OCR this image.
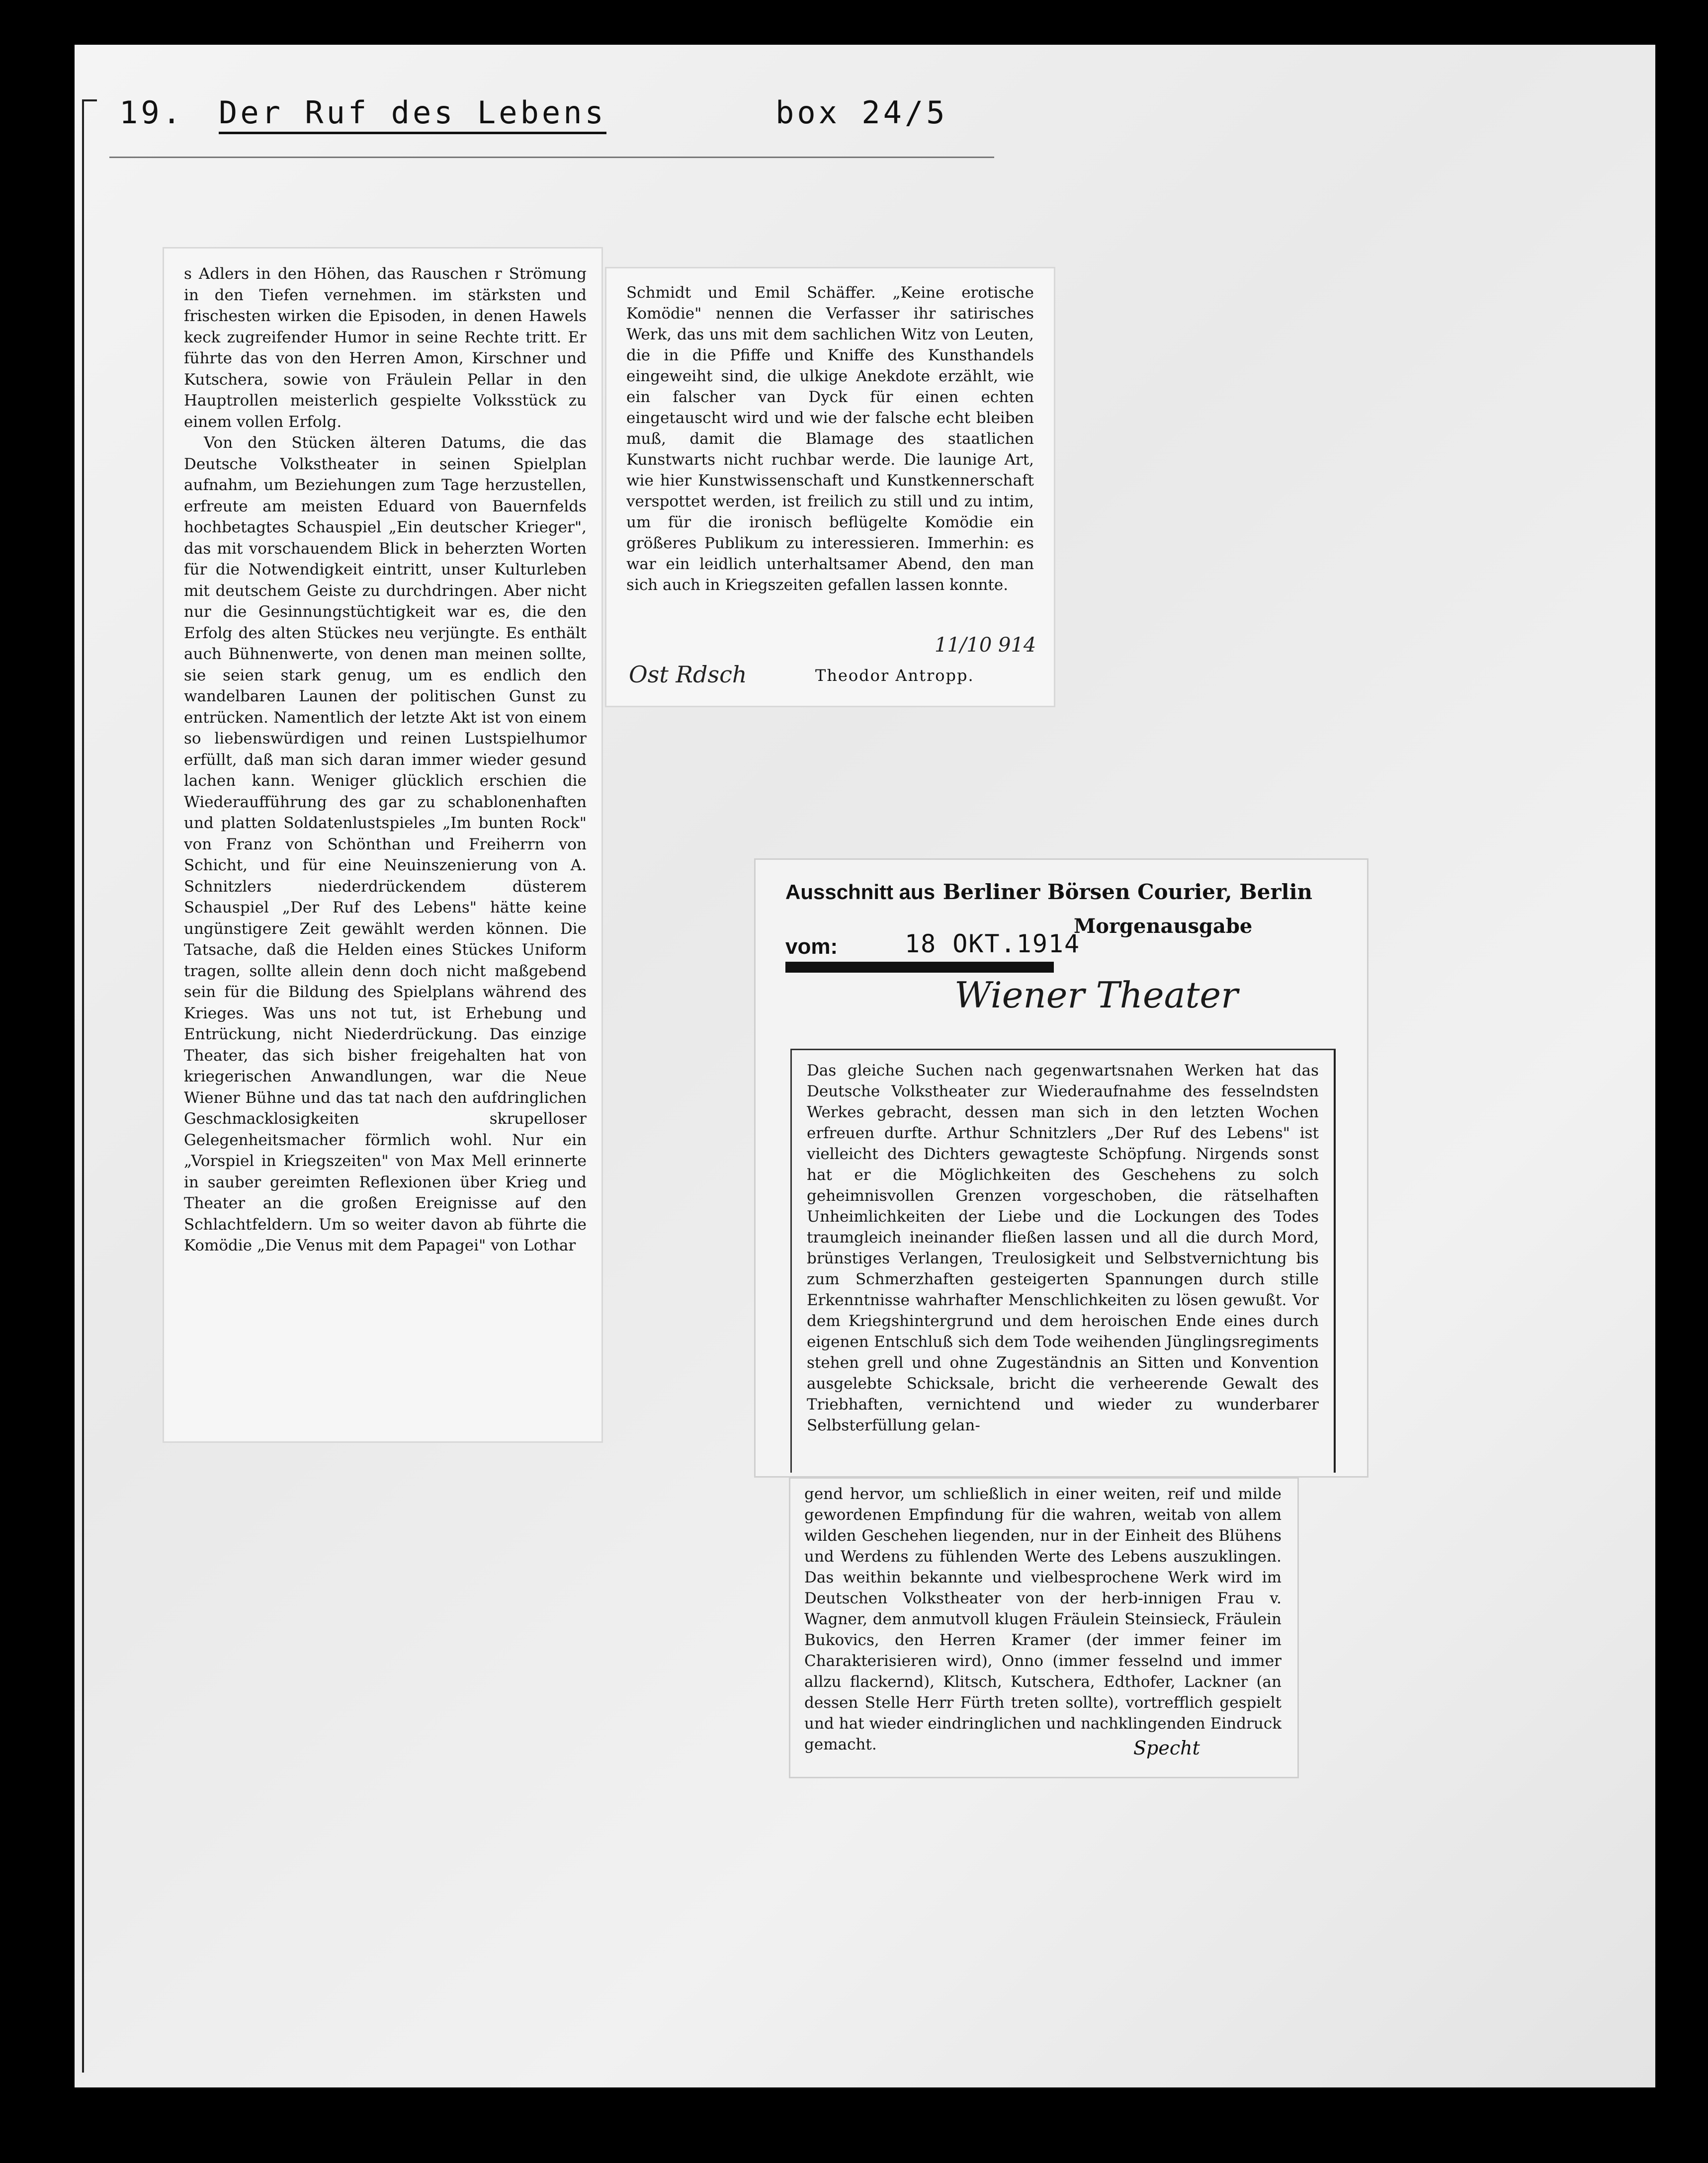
19. Der Ruf des Lebens	box 24/5

s Adlers in den Höhen, das Rauschen r Strömung in den Tiefen vernehmen. im stärksten und frischesten wirken die Episoden, in denen Hawels keck zugreifender Humor in seine Rechte tritt. Er führte das von den Herren Amon, Kirschner und Kutschera, sowie von Fräulein Pellar in den Hauptrollen meisterlich gespielte Volksstück zu einem vollen Erfolg.

Von den Stücken älteren Datums, die das Deutsche Volkstheater in seinen Spielplan aufnahm, um Beziehungen zum Tage herzustellen, erfreute am meisten Eduard von Bauernfelds hochbetagtes Schauspiel „Ein deutscher Krieger", das mit vorschauendem Blick in beherzten Worten für die Notwendigkeit eintritt, unser Kulturleben mit deutschem Geiste zu durchdringen. Aber nicht nur die Gesinnungstüchtigkeit war es, die den Erfolg des alten Stückes neu verjüngte. Es enthält auch Bühnenwerte, von denen man meinen sollte, sie seien stark genug, um es endlich den wandelbaren Launen der politischen Gunst zu entrücken. Namentlich der letzte Akt ist von einem so liebenswürdigen und reinen Lustspielhumor erfüllt, daß man sich daran immer wieder gesund lachen kann. Weniger glücklich erschien die Wiederaufführung des gar zu schablonenhaften und platten Soldatenlustspieles „Im bunten Rock" von Franz von Schönthan und Freiherrn von Schicht, und für eine Neuinszenierung von A. Schnitzlers niederdrückendem düsterem Schauspiel „Der Ruf des Lebens" hätte keine ungünstigere Zeit gewählt werden können. Die Tatsache, daß die Helden eines Stückes Uniform tragen, sollte allein denn doch nicht maßgebend sein für die Bildung des Spielplans während des Krieges. Was uns not tut, ist Erhebung und Entrückung, nicht Niederdrückung. Das einzige Theater, das sich bisher freigehalten hat von kriegerischen Anwandlungen, war die Neue Wiener Bühne und das tat nach den aufdringlichen Geschmacklosigkeiten skrupelloser Gelegenheitsmacher förmlich wohl. Nur ein „Vorspiel in Kriegszeiten" von Max Mell erinnerte in sauber gereimten Reflexionen über Krieg und Theater an die großen Ereignisse auf den Schlachtfeldern. Um so weiter davon ab führte die Komödie „Die Venus mit dem Papagei" von Lothar

Schmidt und Emil Schäffer. „Keine erotische Komödie" nennen die Verfasser ihr satirisches Werk, das uns mit dem sachlichen Witz von Leuten, die in die Pfiffe und Kniffe des Kunsthandels eingeweiht sind, die ulkige Anekdote erzählt, wie ein falscher van Dyck für einen echten eingetauscht wird und wie der falsche echt bleiben muß, damit die Blamage des staatlichen Kunstwarts nicht ruchbar werde. Die launige Art, wie hier Kunstwissenschaft und Kunstkennerschaft verspottet werden, ist freilich zu still und zu intim, um für die ironisch beflügelte Komödie ein größeres Publikum zu interessieren. Immerhin: es war ein leidlich unterhaltsamer Abend, den man sich auch in Kriegszeiten gefallen lassen konnte.
11/10 914
Ost Rdsch	Theodor Antropp.
Ausschnitt aus Berliner Börsen Courier, Berlin
Morgenausgabe
vom:	18 OKT.1914
Wiener Theater
Das gleiche Suchen nach gegenwartsnahen Werken hat das Deutsche Volkstheater zur Wiederaufnahme des fesselndsten Werkes gebracht, dessen man sich in den letzten Wochen erfreuen durfte. Arthur Schnitzlers „Der Ruf des Lebens" ist vielleicht des Dichters gewagteste Schöpfung. Nirgends sonst hat er die Möglichkeiten des Geschehens zu solch geheimnisvollen Grenzen vorgeschoben, die rätselhaften Unheimlichkeiten der Liebe und die Lockungen des Todes traumgleich ineinander fließen lassen und all die durch Mord, brünstiges Verlangen, Treulosigkeit und Selbstvernichtung bis zum Schmerzhaften gesteigerten Spannungen durch stille Erkenntnisse wahrhafter Menschlichkeiten zu lösen gewußt. Vor dem Kriegshintergrund und dem heroischen Ende eines durch eigenen Entschluß sich dem Tode weihenden Jünglingsregiments stehen grell und ohne Zugeständnis an Sitten und Konvention ausgelebte Schicksale, bricht die verheerende Gewalt des Triebhaften, vernichtend und wieder zu wunderbarer Selbsterfüllung gelan-
gend hervor, um schließlich in einer weiten, reif und milde gewordenen Empfindung für die wahren, weitab von allem wilden Geschehen liegenden, nur in der Einheit des Blühens und Werdens zu fühlenden Werte des Lebens auszuklingen. Das weithin bekannte und vielbesprochene Werk wird im Deutschen Volkstheater von der herb-innigen Frau v. Wagner, dem anmutvoll klugen Fräulein Steinsieck, Fräulein Bukovics, den Herren Kramer (der immer feiner im Charakterisieren wird), Onno (immer fesselnd und immer allzu flackernd), Klitsch, Kutschera, Edthofer, Lackner (an dessen Stelle Herr Fürth treten sollte), vortrefflich gespielt und hat wieder eindringlichen und nachklingenden Eindruck gemacht.	Specht
